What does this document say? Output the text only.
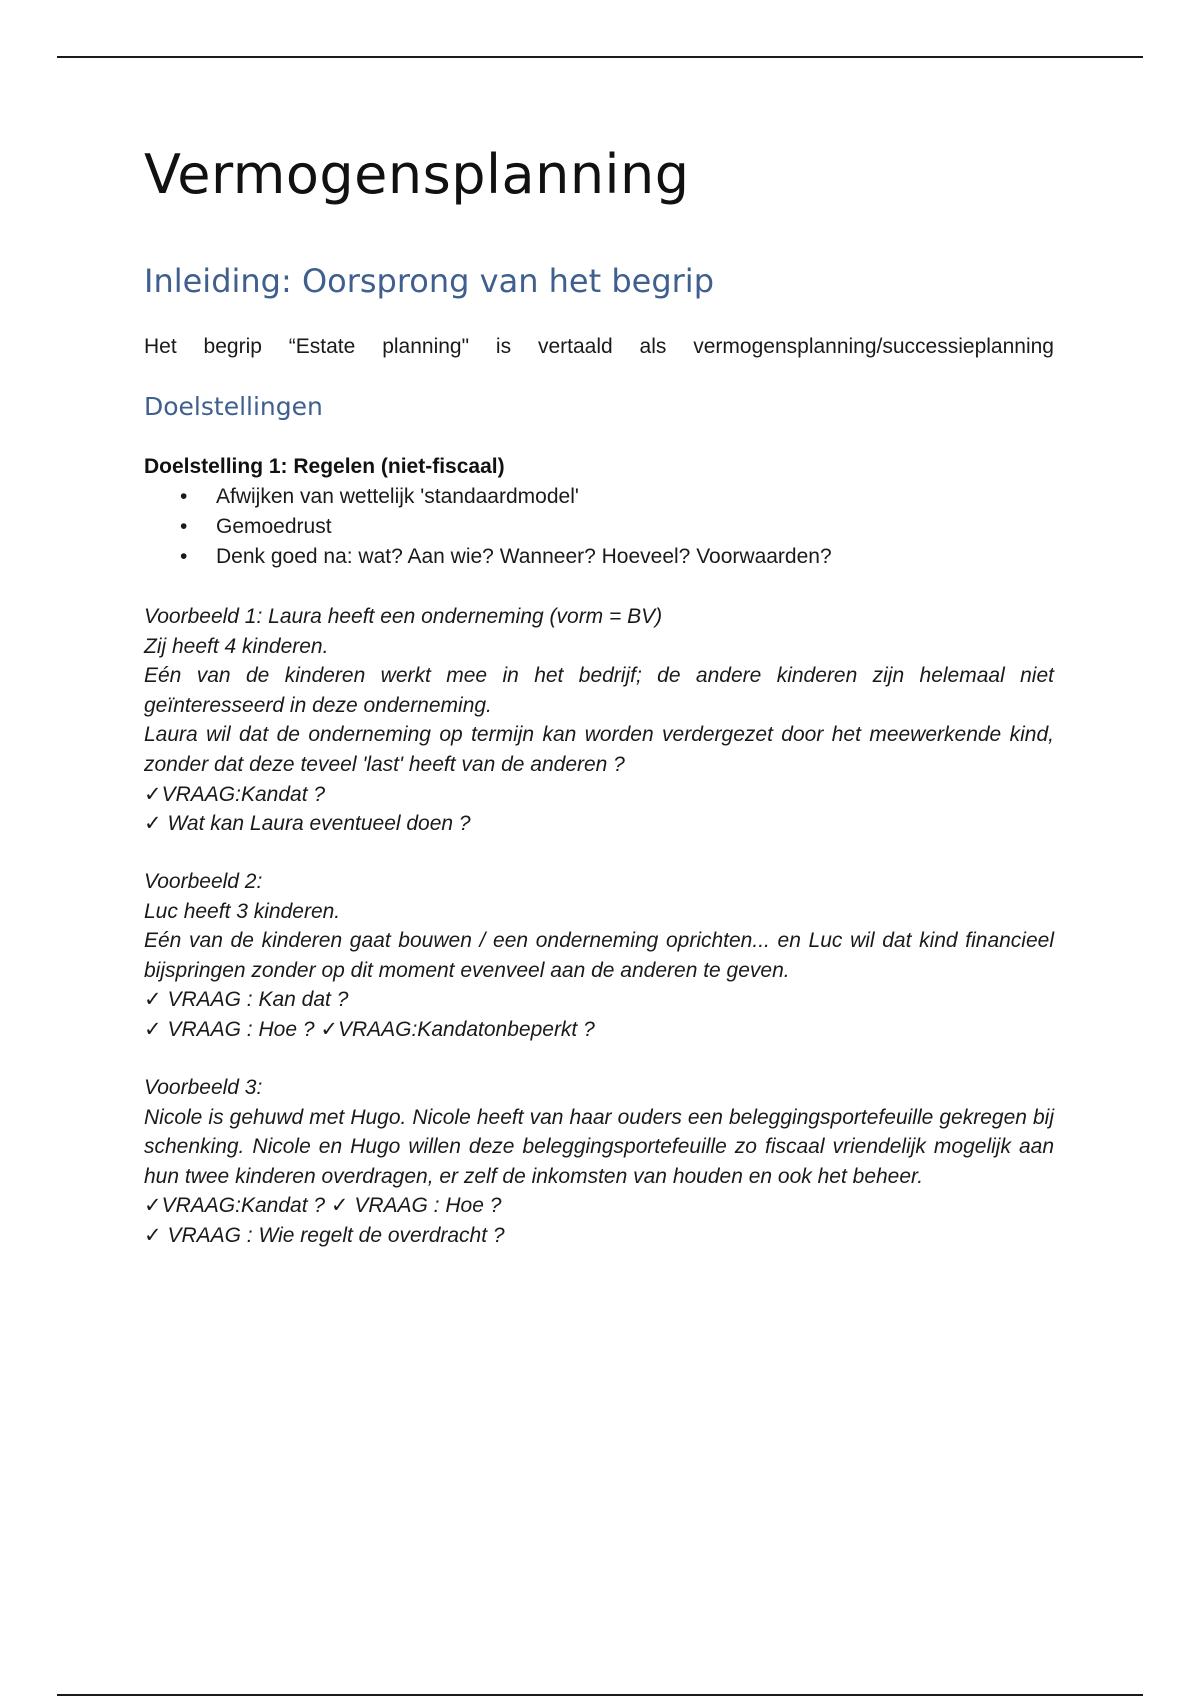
Vermogensplanning
Inleiding: Oorsprong van het begrip

Het begrip “Estate planning" is vertaald als vermogensplanning/successieplanning

Doelstellingen

Doelstelling 1: Regelen (niet-fiscaal)

• Afwijken van wettelijk 'standaardmodel'
• Gemoedrust
• Denk goed na: wat? Aan wie? Wanneer? Hoeveel? Voorwaarden?

Voorbeeld 1: Laura heeft een onderneming (vorm = BV)

Zij heeft 4 kinderen.

Eén van de kinderen werkt mee in het bedrijf; de andere kinderen zijn helemaal niet geïnteresseerd in deze onderneming.

Laura wil dat de onderneming op termijn kan worden verdergezet door het meewerkende kind, zonder dat deze teveel 'last' heeft van de anderen ?

✓VRAAG:Kandat ?

✓ Wat kan Laura eventueel doen ?

Voorbeeld 2:

Luc heeft 3 kinderen.

Eén van de kinderen gaat bouwen / een onderneming oprichten... en Luc wil dat kind financieel bijspringen zonder op dit moment evenveel aan de anderen te geven.

✓ VRAAG : Kan dat ?

✓ VRAAG : Hoe ? ✓VRAAG:Kandatonbeperkt ?

Voorbeeld 3:

Nicole is gehuwd met Hugo. Nicole heeft van haar ouders een beleggingsportefeuille gekregen bij schenking. Nicole en Hugo willen deze beleggingsportefeuille zo fiscaal vriendelijk mogelijk aan hun twee kinderen overdragen, er zelf de inkomsten van houden en ook het beheer.

✓VRAAG:Kandat ? ✓ VRAAG : Hoe ?

✓ VRAAG : Wie regelt de overdracht ?
